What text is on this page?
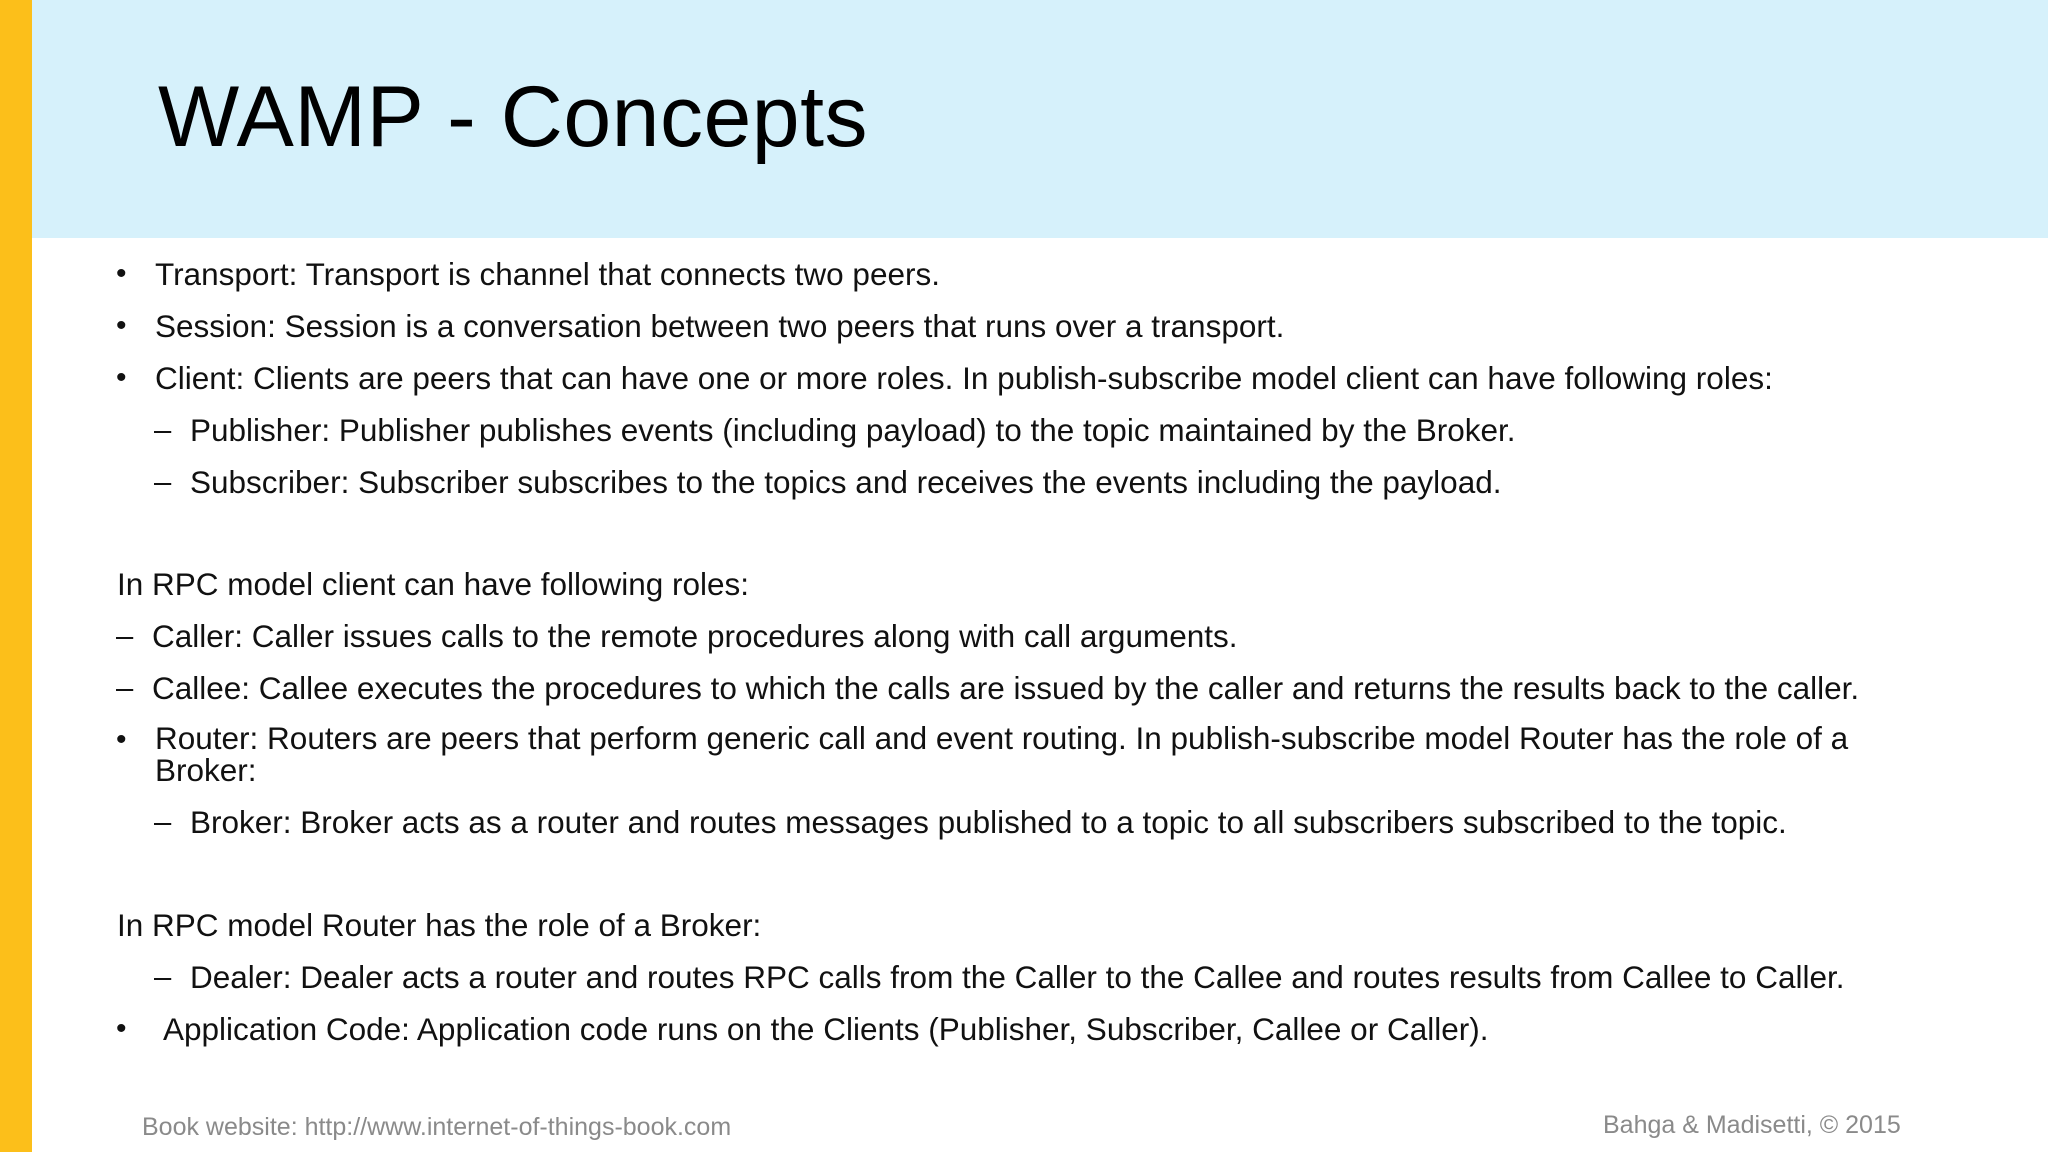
WAMP - Concepts
• Transport: Transport is channel that connects two peers.
• Session: Session is a conversation between two peers that runs over a transport.
• Client: Clients are peers that can have one or more roles. In publish-subscribe model client can have following roles:
– Publisher: Publisher publishes events (including payload) to the topic maintained by the Broker.
– Subscriber: Subscriber subscribes to the topics and receives the events including the payload.
In RPC model client can have following roles:
– Caller: Caller issues calls to the remote procedures along with call arguments.
– Callee: Callee executes the procedures to which the calls are issued by the caller and returns the results back to the caller.
• Router: Routers are peers that perform generic call and event routing. In publish-subscribe model Router has the role of a Broker:
– Broker: Broker acts as a router and routes messages published to a topic to all subscribers subscribed to the topic.
In RPC model Router has the role of a Broker:
– Dealer: Dealer acts a router and routes RPC calls from the Caller to the Callee and routes results from Callee to Caller.
• Application Code: Application code runs on the Clients (Publisher, Subscriber, Callee or Caller).
Book website: http://www.internet-of-things-book.com	Bahga & Madisetti, © 2015
